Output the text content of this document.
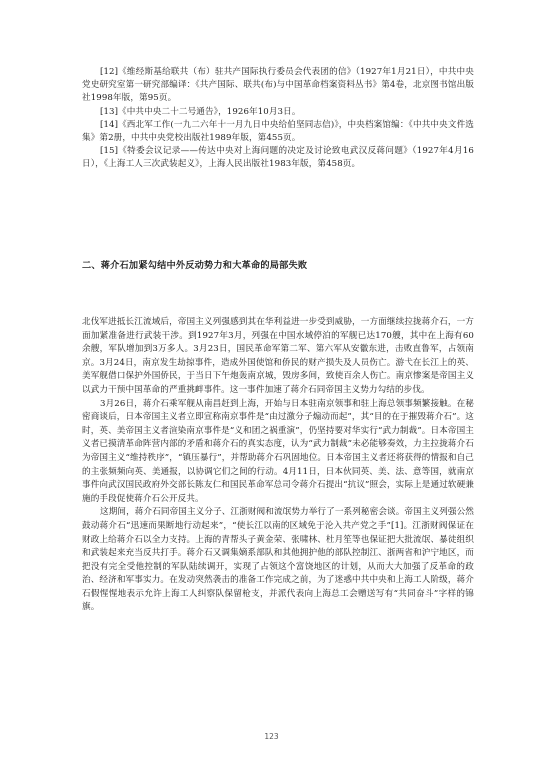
[12]《维经斯基给联共（布）驻共产国际执行委员会代表团的信》（1927年1月21日），中共中央党史研究室第一研究部编译：《共产国际、联共(布)与中国革命档案资料丛书》第4卷，北京图书馆出版社1998年版，第95页。

[13]《中共中央二十二号通告》，1926年10月3日。

[14]《西北军工作(一九二六年十一月九日中央给伯坚同志信)》，中央档案馆编：《中共中央文件选集》第2册，中共中央党校出版社1989年版，第455页。

[15]《特委会议记录——传达中央对上海问题的决定及讨论致电武汉反蒋问题》（1927年4月16日），《上海工人三次武装起义》，上海人民出版社1983年版，第458页。

二、蒋介石加紧勾结中外反动势力和大革命的局部失败

北伐军进抵长江流域后，帝国主义列强感到其在华利益进一步受到威胁，一方面继续拉拢蒋介石，一方面加紧准备进行武装干涉。到1927年3月，列强在中国水域停泊的军舰已达170艘，其中在上海有60余艘，军队增加到3万多人。3月23日，国民革命军第二军、第六军从安徽东进，击败直鲁军，占领南京。3月24日，南京发生劫掠事件，造成外国使馆和侨民的财产损失及人员伤亡。游弋在长江上的英、美军舰借口保护外国侨民，于当日下午炮轰南京城，毁房多间，致使百余人伤亡。南京惨案是帝国主义以武力干预中国革命的严重挑衅事件。这一事件加速了蒋介石同帝国主义势力勾结的步伐。

3月26日，蒋介石乘军舰从南昌赶到上海，开始与日本驻南京领事和驻上海总领事频繁接触。在秘密商谈后，日本帝国主义者立即宣称南京事件是“由过激分子煽动而起”，其“目的在于摧毁蒋介石”。这时，英、美帝国主义者渲染南京事件是“义和团之祸重演”，仍坚持要对华实行“武力制裁”。日本帝国主义者已摸清革命阵营内部的矛盾和蒋介石的真实态度，认为“武力制裁”未必能够奏效，力主拉拢蒋介石为帝国主义“维持秩序”，“镇压暴行”，并帮助蒋介石巩固地位。日本帝国主义者还将获得的情报和自己的主张频频向英、美通报，以协调它们之间的行动。4月11日，日本伙同英、美、法、意等国，就南京事件向武汉国民政府外交部长陈友仁和国民革命军总司令蒋介石提出“抗议”照会，实际上是通过软硬兼施的手段促使蒋介石公开反共。

这期间，蒋介石同帝国主义分子、江浙财阀和流氓势力举行了一系列秘密会谈。帝国主义列强公然鼓动蒋介石“迅速而果断地行动起来”，“使长江以南的区域免于沦入共产党之手”[1]。江浙财阀保证在财政上给蒋介石以全力支持。上海的青帮头子黄金荣、张啸林、杜月笙等也保证把大批流氓、暴徒组织和武装起来充当反共打手。蒋介石又调集嫡系部队和其他拥护他的部队控制江、浙两省和沪宁地区，而把没有完全受他控制的军队陆续调开，实现了占领这个富饶地区的计划，从而大大加强了反革命的政治、经济和军事实力。在发动突然袭击的准备工作完成之前，为了迷惑中共中央和上海工人阶级，蒋介石假惺惺地表示允许上海工人纠察队保留枪支，并派代表向上海总工会赠送写有“共同奋斗”字样的锦旗。

123
